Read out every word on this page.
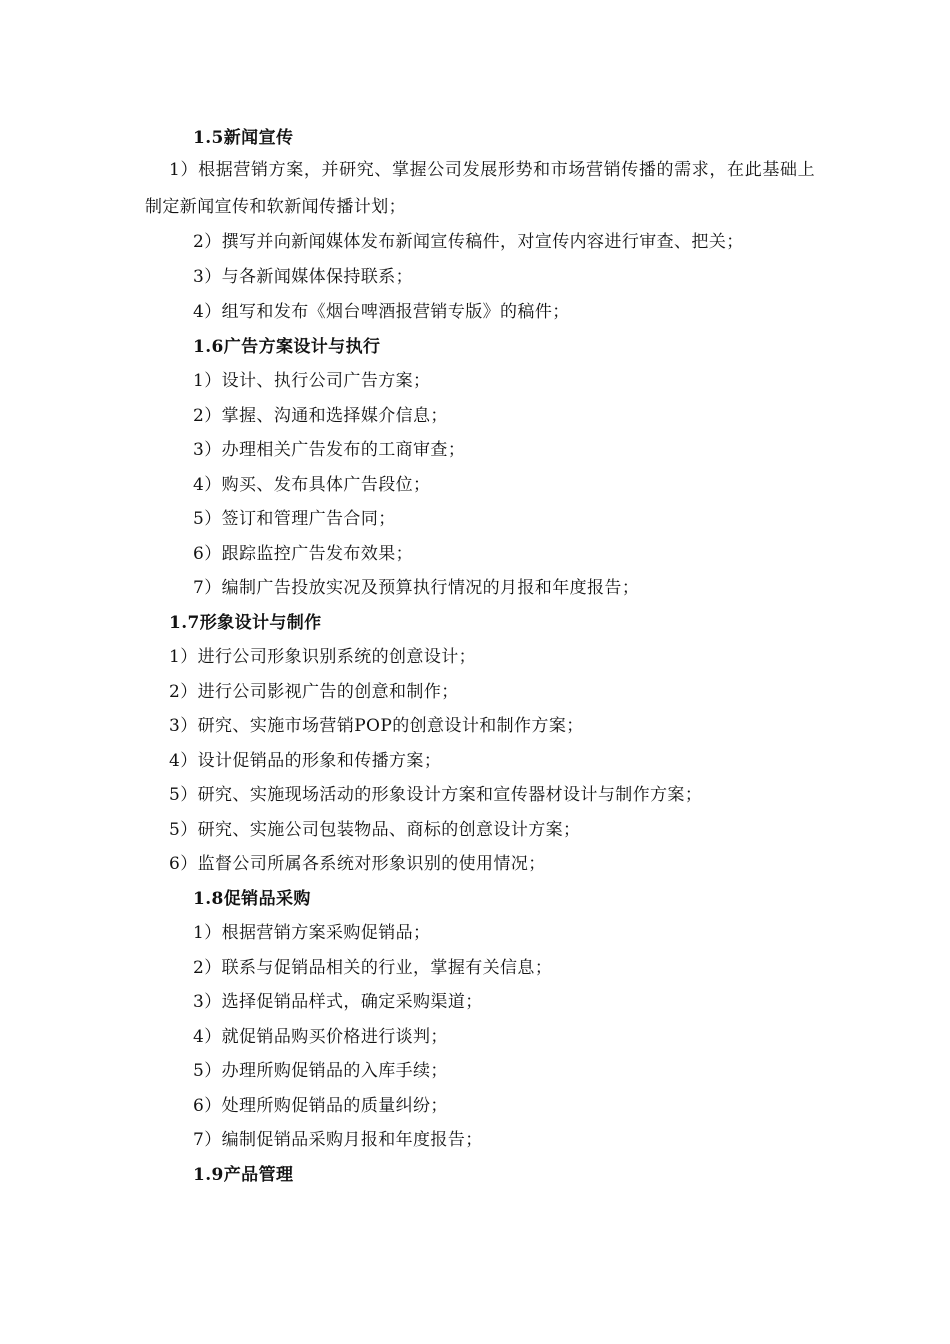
1.5新闻宣传
1）根据营销方案，并研究、掌握公司发展形势和市场营销传播的需求，在此基础上制定新闻宣传和软新闻传播计划；
2）撰写并向新闻媒体发布新闻宣传稿件，对宣传内容进行审查、把关；
3）与各新闻媒体保持联系；
4）组写和发布《烟台啤酒报营销专版》的稿件；
1.6广告方案设计与执行
1）设计、执行公司广告方案；
2）掌握、沟通和选择媒介信息；
3）办理相关广告发布的工商审查；
4）购买、发布具体广告段位；
5）签订和管理广告合同；
6）跟踪监控广告发布效果；
7）编制广告投放实况及预算执行情况的月报和年度报告；
1.7形象设计与制作
1）进行公司形象识别系统的创意设计；
2）进行公司影视广告的创意和制作；
3）研究、实施市场营销POP的创意设计和制作方案；
4）设计促销品的形象和传播方案；
5）研究、实施现场活动的形象设计方案和宣传器材设计与制作方案；
5）研究、实施公司包装物品、商标的创意设计方案；
6）监督公司所属各系统对形象识别的使用情况；
1.8促销品采购
1）根据营销方案采购促销品；
2）联系与促销品相关的行业，掌握有关信息；
3）选择促销品样式，确定采购渠道；
4）就促销品购买价格进行谈判；
5）办理所购促销品的入库手续；
6）处理所购促销品的质量纠纷；
7）编制促销品采购月报和年度报告；
1.9产品管理
